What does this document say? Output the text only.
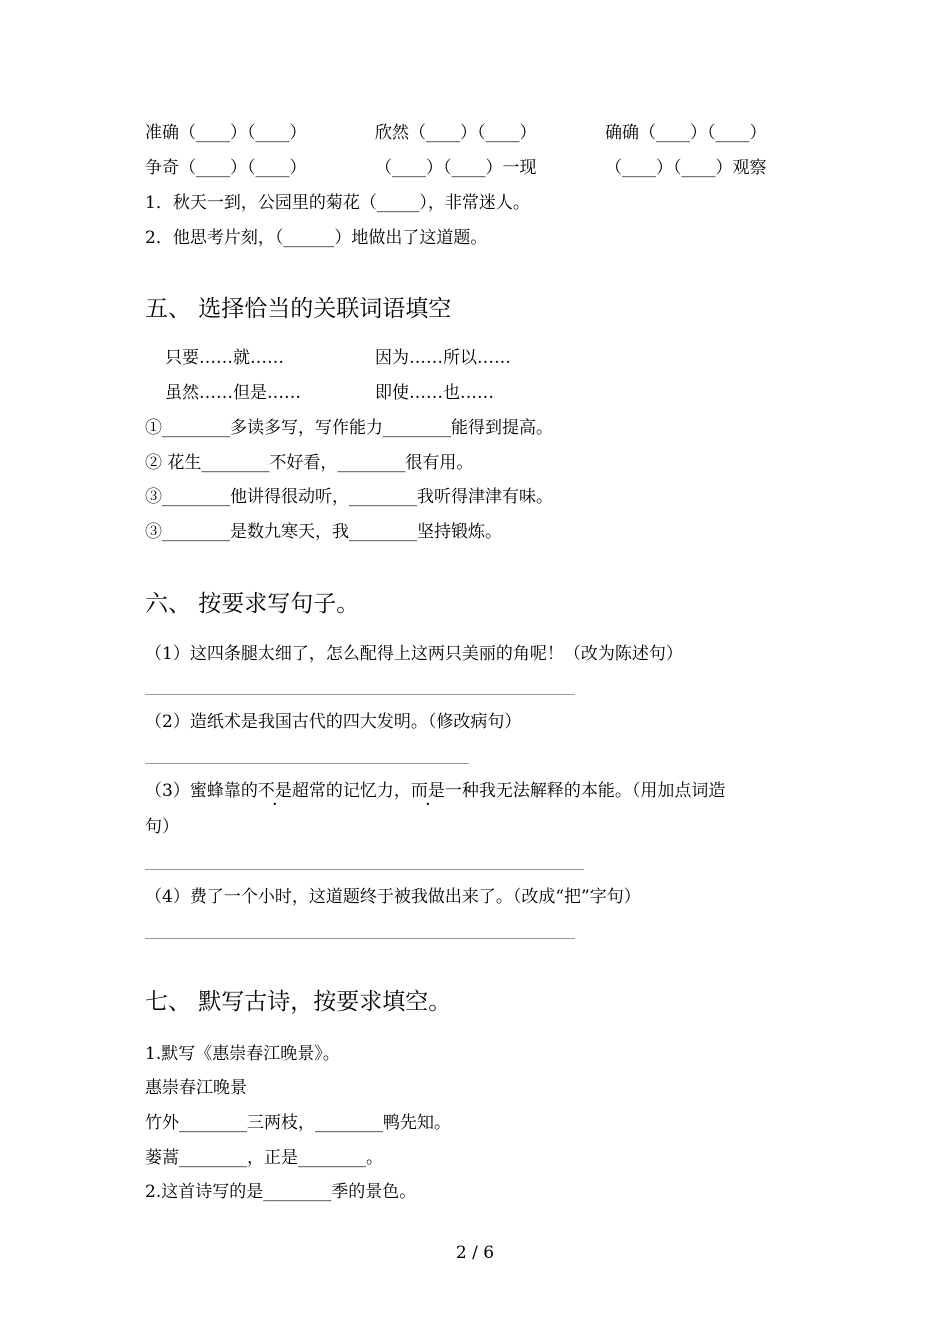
准确（____）（____）	欣然（____）（____）	确确（____）（____）
争奇（____）（____）	（____）（____）一现	（____）（____）观察
1．秋天一到，公园里的菊花（_____），非常迷人。
2．他思考片刻，（______）地做出了这道题。
五、 选择恰当的关联词语填空
只要……就……	因为……所以……
虽然……但是……	即使……也……
①________多读多写，写作能力________能得到提高。
② 花生________不好看，________很有用。
③________他讲得很动听，________我听得津津有味。
③________是数九寒天，我________坚持锻炼。
六、 按要求写句子。
（1）这四条腿太细了，怎么配得上这两只美丽的角呢！（改为陈述句）
（2）造纸术是我国古代的四大发明。（修改病句）
（3）蜜蜂靠的不是超常的记忆力，而是一种我无法解释的本能。（用加点词造
句）
（4）费了一个小时，这道题终于被我做出来了。（改成“把”字句）
七、 默写古诗，按要求填空。
1.默写《惠崇春江晚景》。
惠崇春江晚景
竹外________三两枝，________鸭先知。
蒌蒿________，正是________。
2.这首诗写的是________季的景色。
2 / 6
